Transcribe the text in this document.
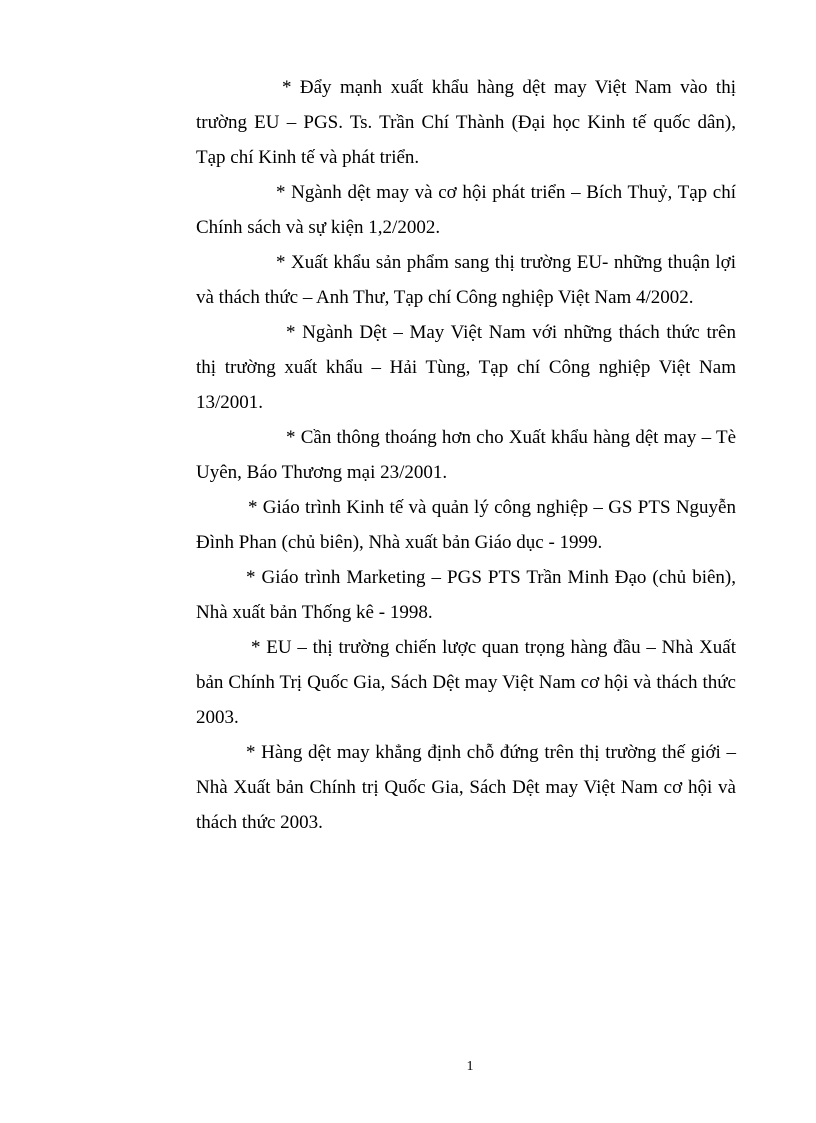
* Đẩy mạnh xuất khẩu hàng dệt may Việt Nam vào thị trường EU – PGS. Ts. Trần Chí Thành (Đại học Kinh tế quốc dân), Tạp chí Kinh tế và phát triển.

* Ngành dệt may và cơ hội phát triển – Bích Thuỷ, Tạp chí Chính sách và sự kiện 1,2/2002.

* Xuất khẩu sản phẩm sang thị trường EU- những thuận lợi và thách thức – Anh Thư, Tạp chí Công nghiệp Việt Nam 4/2002.

* Ngành Dệt – May Việt Nam với những thách thức trên thị trường xuất khẩu – Hải Tùng, Tạp chí Công nghiệp Việt Nam 13/2001.

* Cần thông thoáng hơn cho Xuất khẩu hàng dệt may – Tè Uyên, Báo Thương mại 23/2001.

* Giáo trình Kinh tế và quản lý công nghiệp – GS PTS Nguyễn Đình Phan (chủ biên), Nhà xuất bản Giáo dục - 1999.

* Giáo trình Marketing – PGS PTS Trần Minh Đạo (chủ biên), Nhà xuất bản Thống kê - 1998.

* EU – thị trường chiến lược quan trọng hàng đầu – Nhà Xuất bản Chính Trị Quốc Gia, Sách Dệt may Việt Nam cơ hội và thách thức 2003.

* Hàng dệt may khẳng định chỗ đứng trên thị trường thế giới – Nhà Xuất bản Chính trị Quốc Gia, Sách Dệt may Việt Nam cơ hội và thách thức 2003.

1
